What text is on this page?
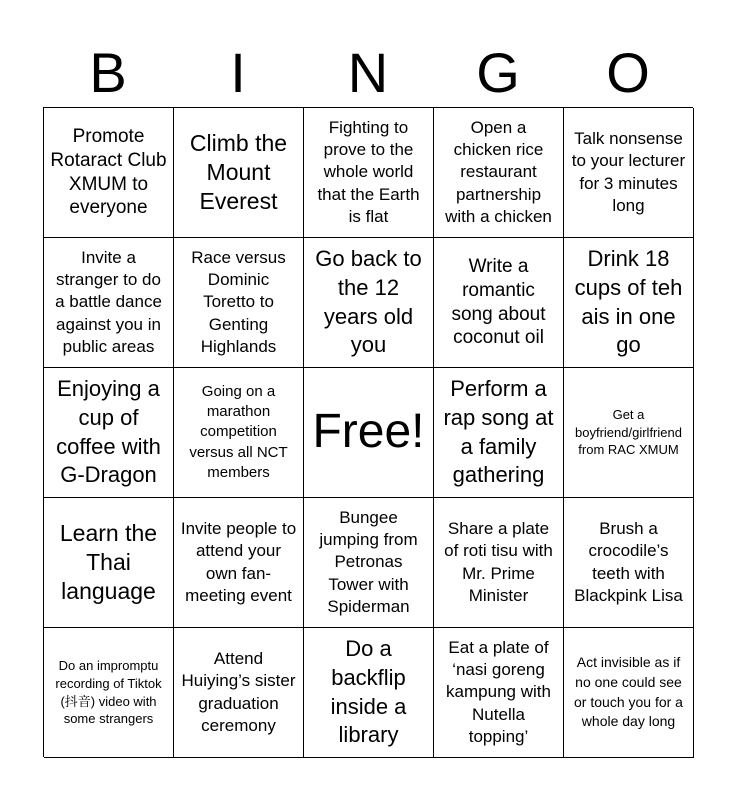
B	I	N	G	O
Promote Rotaract Club XMUM to everyone
Climb the Mount Everest
Fighting to prove to the whole world that the Earth is flat
Open a chicken rice restaurant partnership with a chicken
Talk nonsense to your lecturer for 3 minutes long
Invite a stranger to do a battle dance against you in public areas
Race versus Dominic Toretto to Genting Highlands
Go back to the 12 years old you
Write a romantic song about coconut oil
Drink 18 cups of teh ais in one go
Enjoying a cup of coffee with G-Dragon
Going on a marathon competition versus all NCT members
Free!
Perform a rap song at a family gathering
Get a boyfriend/girlfriend from RAC XMUM
Learn the Thai language
Invite people to attend your own fan-meeting event
Bungee jumping from Petronas Tower with Spiderman
Share a plate of roti tisu with Mr. Prime Minister
Brush a crocodile’s teeth with Blackpink Lisa
Do an impromptu recording of Tiktok (抖音) video with some strangers
Attend Huiying’s sister graduation ceremony
Do a backflip inside a library
Eat a plate of ‘nasi goreng kampung with Nutella topping’
Act invisible as if no one could see or touch you for a whole day long
